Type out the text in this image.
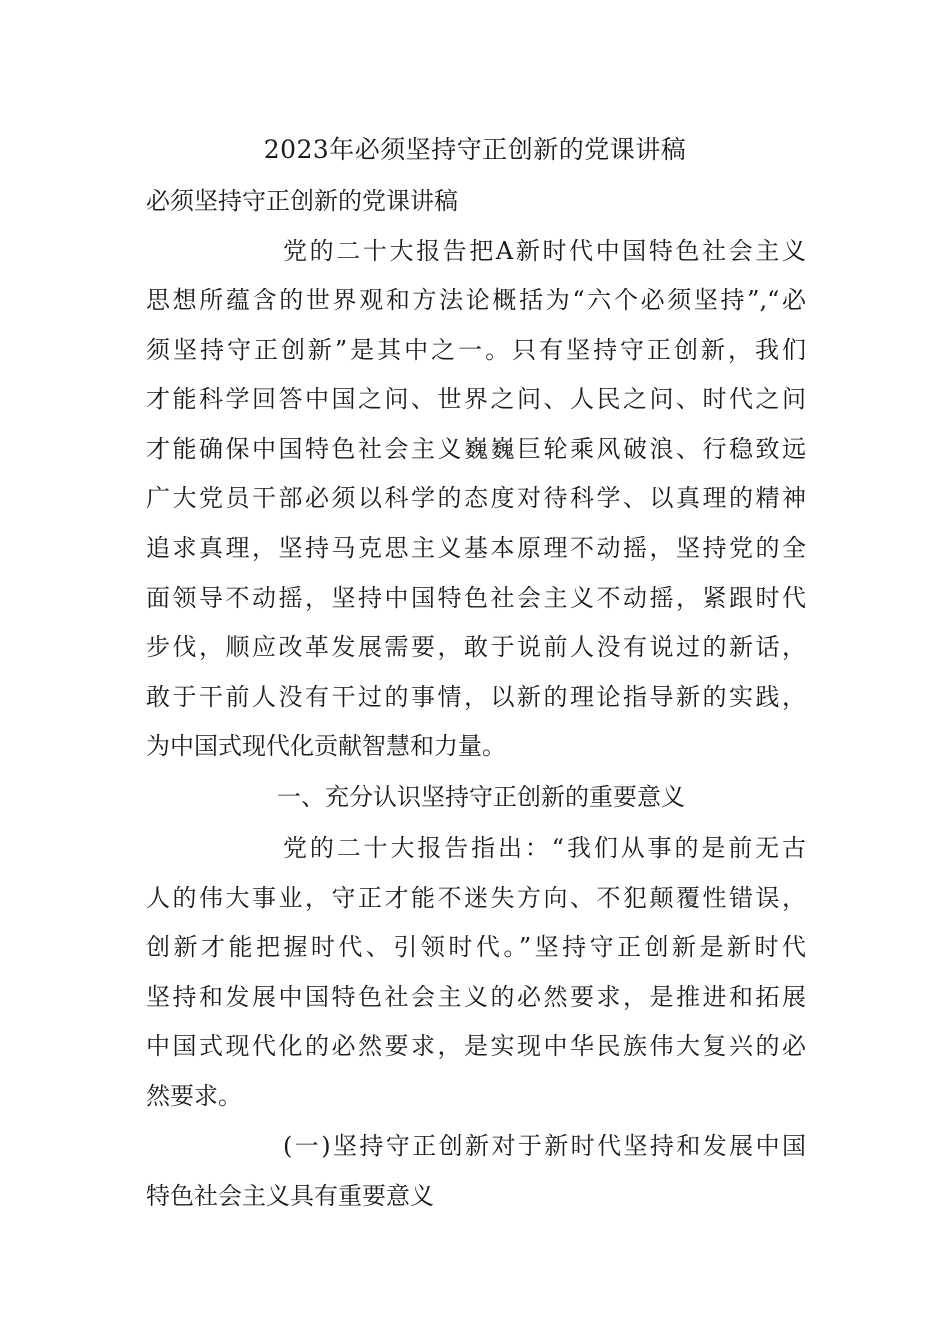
2023年必须坚持守正创新的党课讲稿
必须坚持守正创新的党课讲稿
党的二十大报告把A新时代中国特色社会主义
思想所蕴含的世界观和方法论概括为“六个必须坚持”,“必
须坚持守正创新”是其中之一。只有坚持守正创新，我们
才能科学回答中国之问、世界之问、人民之问、时代之问
才能确保中国特色社会主义巍巍巨轮乘风破浪、行稳致远
广大党员干部必须以科学的态度对待科学、以真理的精神
追求真理，坚持马克思主义基本原理不动摇，坚持党的全
面领导不动摇，坚持中国特色社会主义不动摇，紧跟时代
步伐，顺应改革发展需要，敢于说前人没有说过的新话，
敢于干前人没有干过的事情，以新的理论指导新的实践，
为中国式现代化贡献智慧和力量。
一、充分认识坚持守正创新的重要意义
党的二十大报告指出：“我们从事的是前无古
人的伟大事业，守正才能不迷失方向、不犯颠覆性错误，
创新才能把握时代、引领时代。”坚持守正创新是新时代
坚持和发展中国特色社会主义的必然要求，是推进和拓展
中国式现代化的必然要求，是实现中华民族伟大复兴的必
然要求。
(一)坚持守正创新对于新时代坚持和发展中国
特色社会主义具有重要意义
